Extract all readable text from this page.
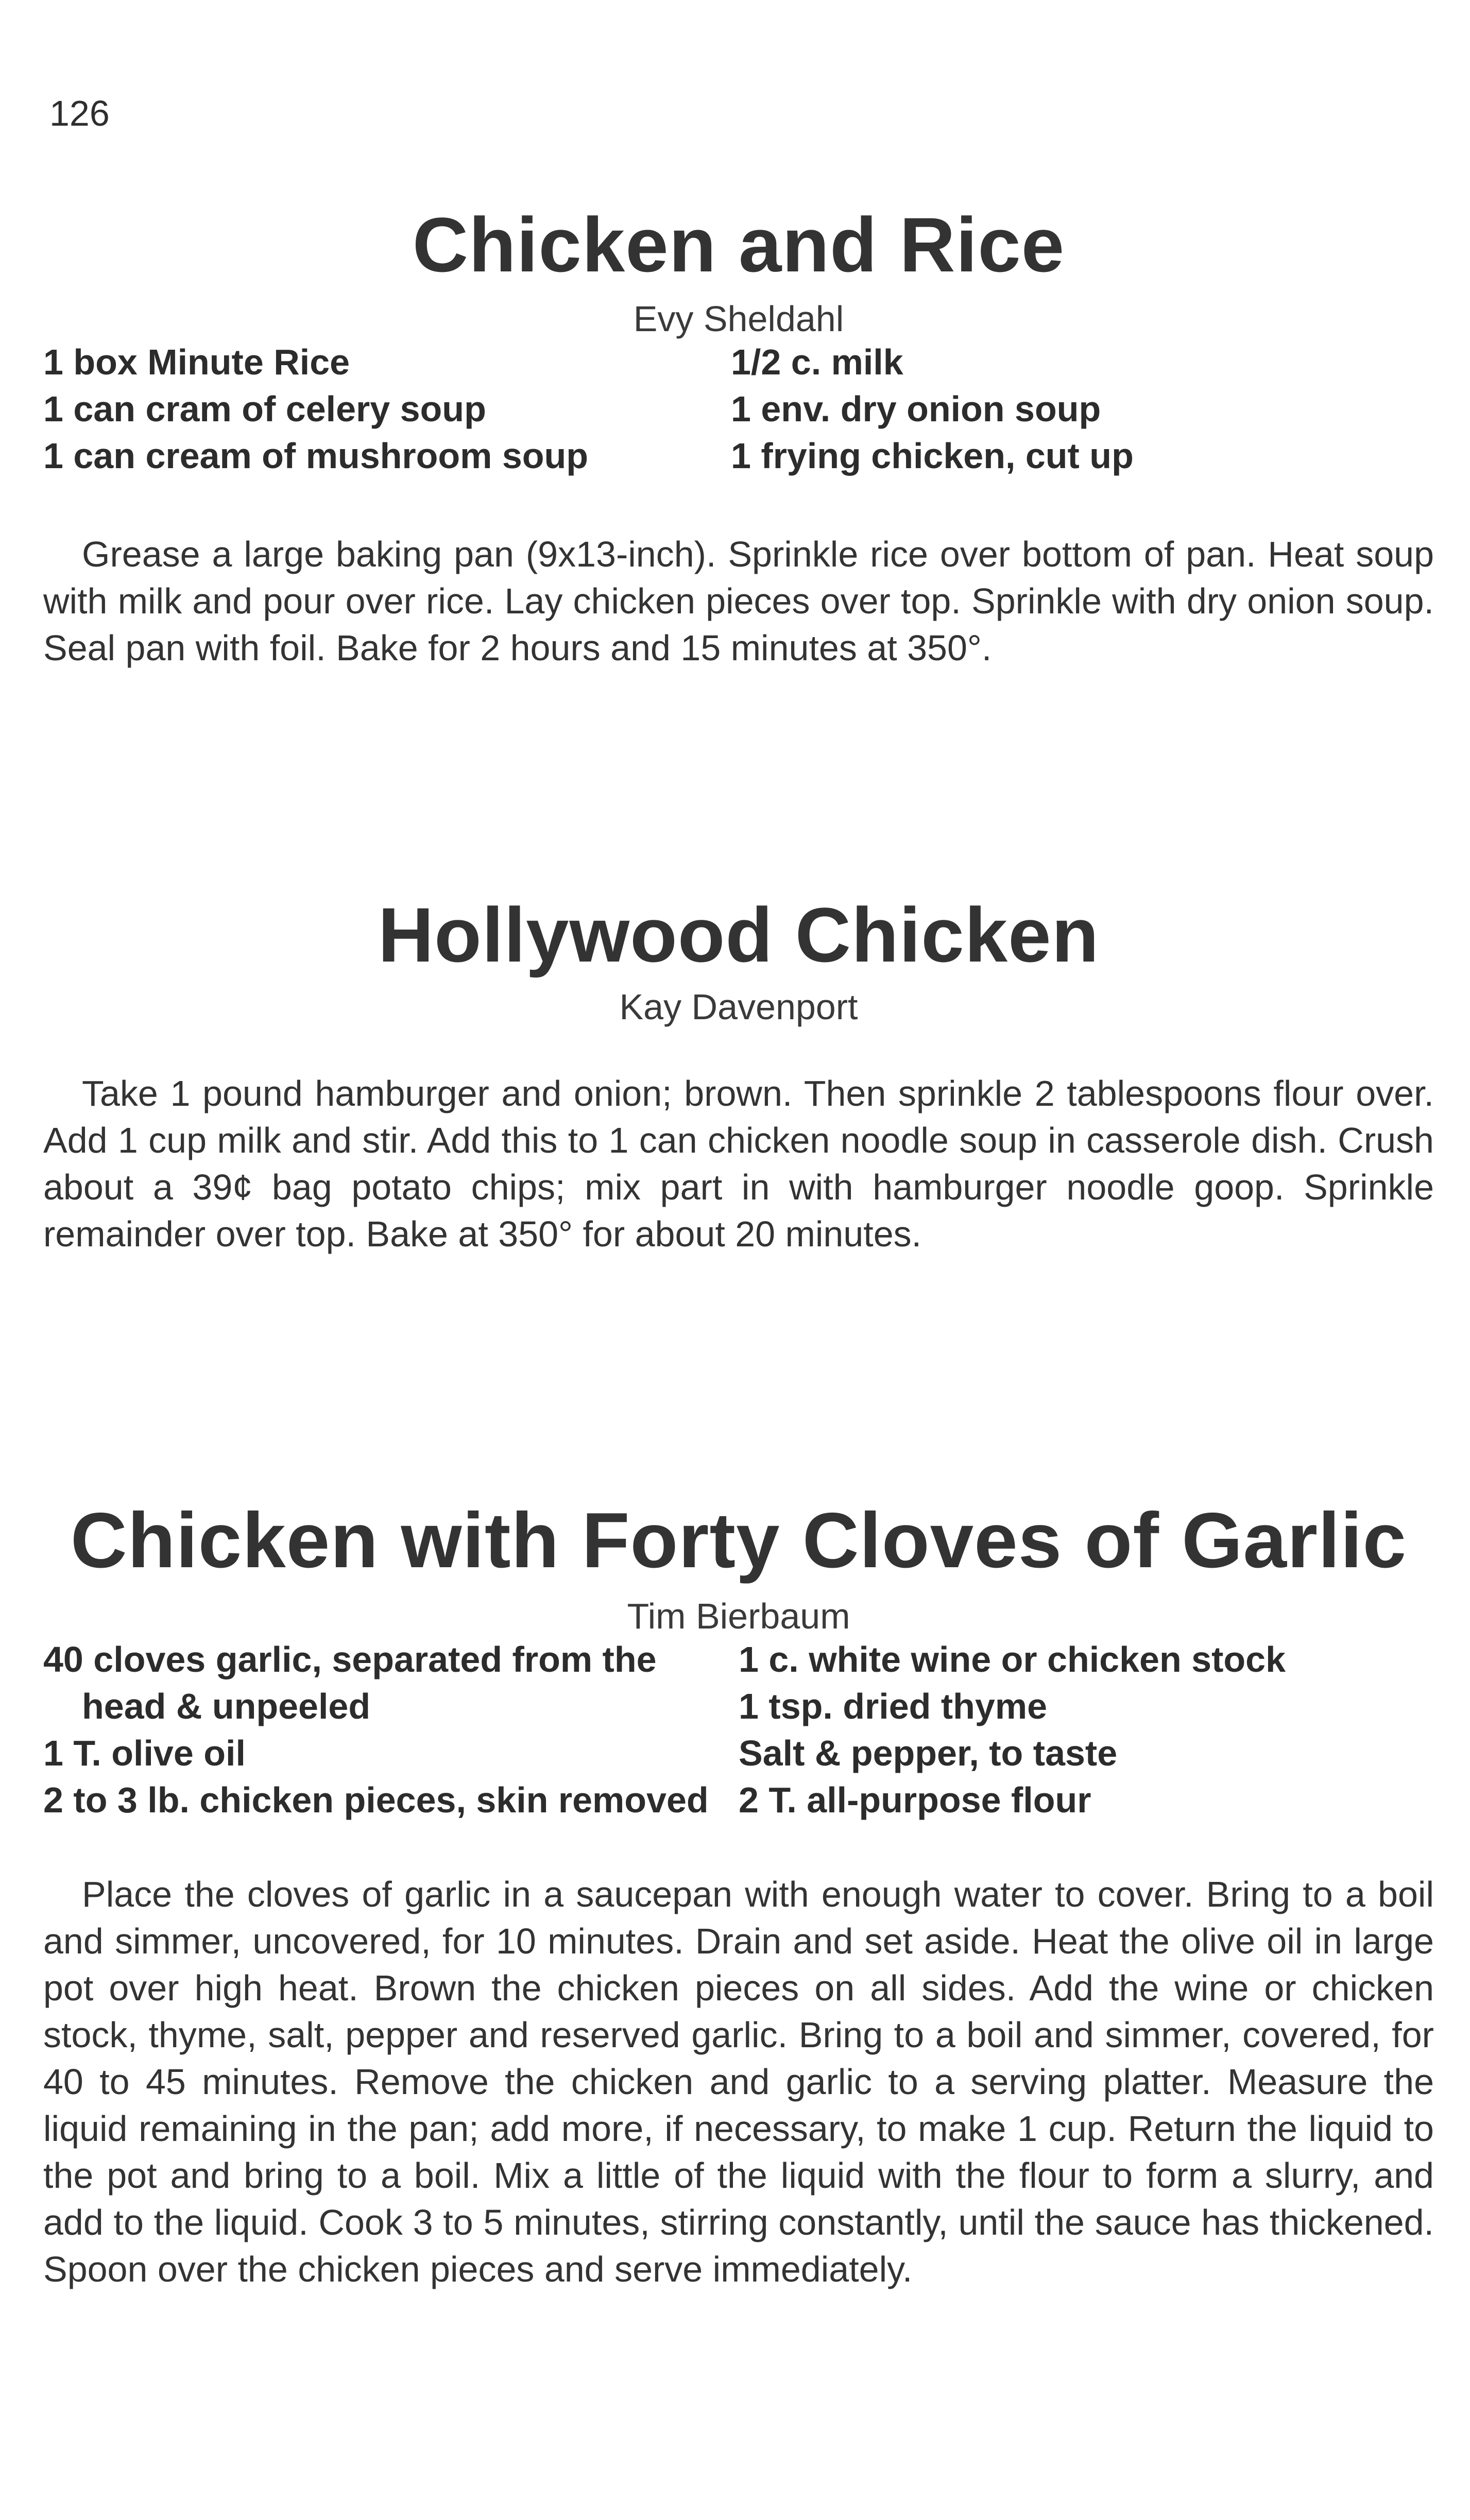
126
Chicken and Rice
Evy Sheldahl
1 box Minute Rice
1 can cram of celery soup
1 can cream of mushroom soup
1/2 c. milk
1 env. dry onion soup
1 frying chicken, cut up

Grease a large baking pan (9x13-inch). Sprinkle rice over bottom of pan. Heat soup with milk and pour over rice. Lay chicken pieces over top. Sprinkle with dry onion soup. Seal pan with foil. Bake for 2 hours and 15 minutes at 350°.

Hollywood Chicken
Kay Davenport

Take 1 pound hamburger and onion; brown. Then sprinkle 2 tablespoons flour over. Add 1 cup milk and stir. Add this to 1 can chicken noodle soup in casserole dish. Crush about a 39¢ bag potato chips; mix part in with hamburger noodle goop. Sprinkle remainder over top. Bake at 350° for about 20 minutes.

Chicken with Forty Cloves of Garlic
Tim Bierbaum
40 cloves garlic, separated from the head & unpeeled
1 T. olive oil
2 to 3 lb. chicken pieces, skin removed
1 c. white wine or chicken stock
1 tsp. dried thyme
Salt & pepper, to taste
2 T. all-purpose flour

Place the cloves of garlic in a saucepan with enough water to cover. Bring to a boil and simmer, uncovered, for 10 minutes. Drain and set aside. Heat the olive oil in large pot over high heat. Brown the chicken pieces on all sides. Add the wine or chicken stock, thyme, salt, pepper and reserved garlic. Bring to a boil and simmer, covered, for 40 to 45 minutes. Remove the chicken and garlic to a serving platter. Measure the liquid remaining in the pan; add more, if necessary, to make 1 cup. Return the liquid to the pot and bring to a boil. Mix a little of the liquid with the flour to form a slurry, and add to the liquid. Cook 3 to 5 minutes, stirring constantly, until the sauce has thickened. Spoon over the chicken pieces and serve immediately.
